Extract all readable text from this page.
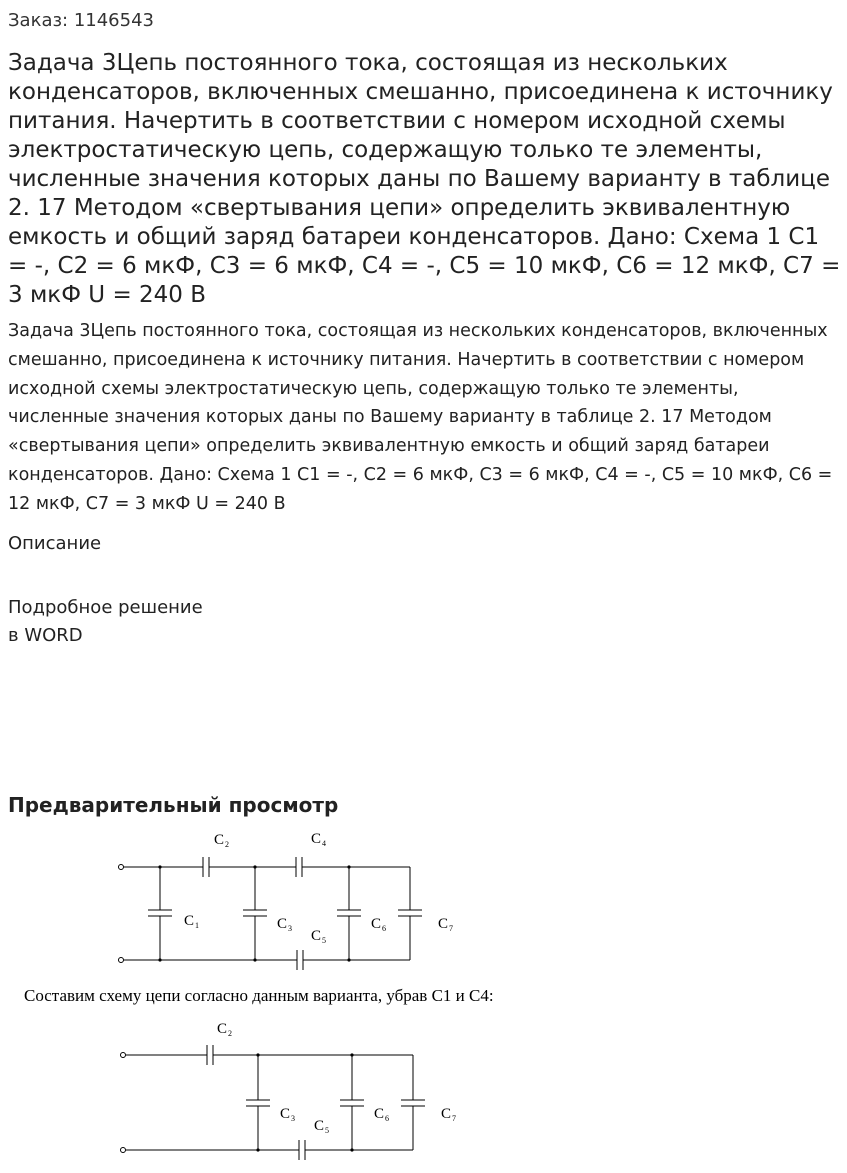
Заказ: 1146543
Задача 3Цепь постоянного тока, состоящая из нескольких конденсаторов, включенных смешанно, присоединена к источнику питания. Начертить в соответствии с номером исходной схемы электростатическую цепь, содержащую только те элементы, численные значения которых даны по Вашему варианту в таблице 2. 17 Методом «свертывания цепи» определить эквивалентную емкость и общий заряд батареи конденсаторов. Дано: Схема 1 С1 = -, С2 = 6 мкФ, С3 = 6 мкФ, С4 = -, С5 = 10 мкФ, С6 = 12 мкФ, С7 = 3 мкФ U = 240 В

Задача 3Цепь постоянного тока, состоящая из нескольких конденсаторов, включенных смешанно, присоединена к источнику питания. Начертить в соответствии с номером исходной схемы электростатическую цепь, содержащую только те элементы, численные значения которых даны по Вашему варианту в таблице 2. 17 Методом «свертывания цепи» определить эквивалентную емкость и общий заряд батареи конденсаторов. Дано: Схема 1 С1 = -, С2 = 6 мкФ, С3 = 6 мкФ, С4 = -, С5 = 10 мкФ, С6 = 12 мкФ, С7 = 3 мкФ U = 240 В

Описание
Подробное решение
в WORD
Предварительный просмотр
C 2	C 4
C 1	C 3 C 5
C 6	C 7
Составим схему цепи согласно данным варианта, убрав С1 и С4:
C 2
C 3 C 5
C 6	C 7
